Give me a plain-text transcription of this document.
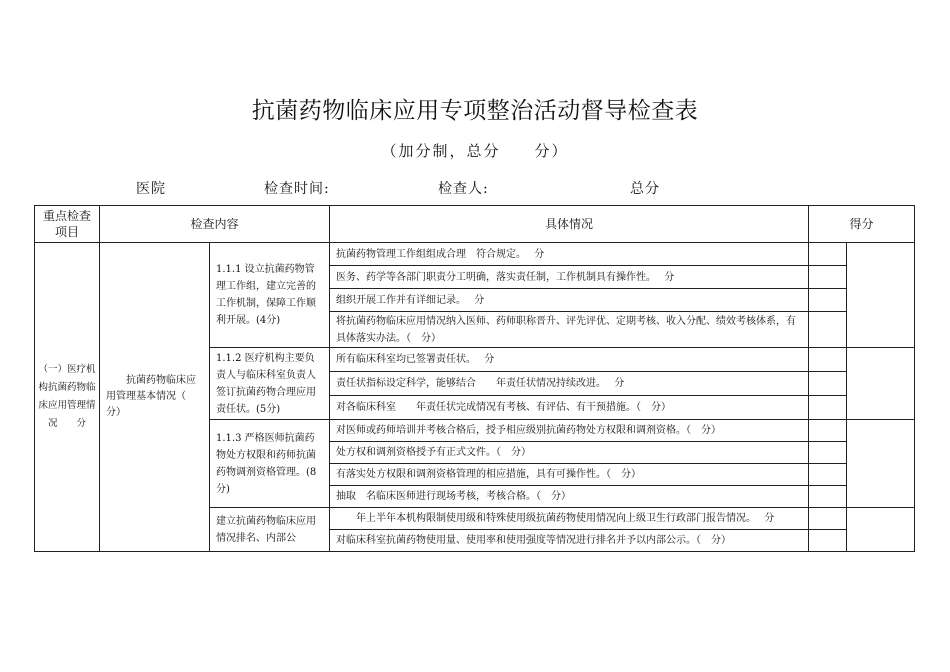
抗菌药物临床应用专项整治活动督导检查表
（加分制，总分　　分）
医院	检查时间:	检查人:	总分
重点检查项目	检查内容		具体情况	得分	
（一）医疗机构抗菌药物临床应用管理情况　　分	抗菌药物临床应用管理基本情况（　　分）	1.1.1 设立抗菌药物管理工作组，建立完善的工作机制，保障工作顺利开展。(4分)	抗菌药物管理工作组组成合理　符合规定。　 分		
			医务、药学等各部门职责分工明确，落实责任制，工作机制具有操作性。　 分		
			组织开展工作并有详细记录。　 分		
			将抗菌药物临床应用情况纳入医师、药师职称晋升、评先评优、定期考核、收入分配、绩效考核体系，有具体落实办法。（　分）		
		1.1.2 医疗机构主要负责人与临床科室负责人签订抗菌药物合理应用责任状。(5分)	所有临床科室均已签署责任状。　 分		
			责任状指标设定科学，能够结合　　年责任状情况持续改进。　 分		
			对各临床科室　　年责任状完成情况有考核、有评估、有干预措施。（　分）		
		1.1.3 严格医师抗菌药物处方权限和药师抗菌药物调剂资格管理。(8分)	对医师或药师培训并考核合格后，授予相应级别抗菌药物处方权限和调剂资格。（　分）		
			处方权和调剂资格授予有正式文件。（　分）		
			有落实处方权限和调剂资格管理的相应措施，具有可操作性。（　分）		
			抽取　名临床医师进行现场考核，考核合格。（　分）		
		建立抗菌药物临床应用情况排名、内部公	　　年上半年本机构限制使用级和特殊使用级抗菌药物使用情况向上级卫生行政部门报告情况。　 分		
			对临床科室抗菌药物使用量、使用率和使用强度等情况进行排名并予以内部公示。（　分）		
